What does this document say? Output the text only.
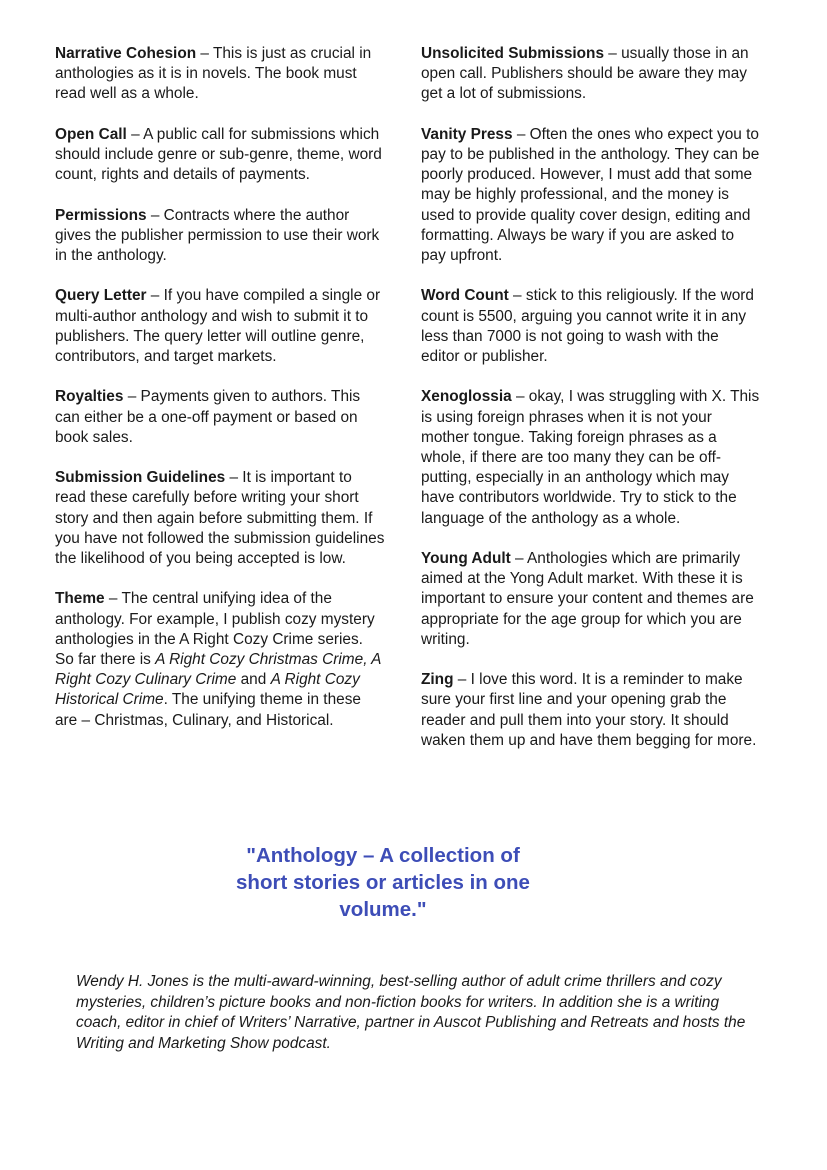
Narrative Cohesion – This is just as crucial in anthologies as it is in novels. The book must read well as a whole.

Open Call – A public call for submissions which should include genre or sub-genre, theme, word count, rights and details of payments.

Permissions – Contracts where the author gives the publisher permission to use their work in the anthology.

Query Letter – If you have compiled a single or multi-author anthology and wish to submit it to publishers. The query letter will outline genre, contributors, and target markets.

Royalties – Payments given to authors. This can either be a one-off payment or based on book sales.

Submission Guidelines – It is important to read these carefully before writing your short story and then again before submitting them. If you have not followed the submission guidelines the likelihood of you being accepted is low.

Theme – The central unifying idea of the anthology. For example, I publish cozy mystery anthologies in the A Right Cozy Crime series. So far there is A Right Cozy Christmas Crime, A Right Cozy Culinary Crime and A Right Cozy Historical Crime. The unifying theme in these are – Christmas, Culinary, and Historical.

Unsolicited Submissions – usually those in an open call. Publishers should be aware they may get a lot of submissions.

Vanity Press – Often the ones who expect you to pay to be published in the anthology. They can be poorly produced. However, I must add that some may be highly professional, and the money is used to provide quality cover design, editing and formatting. Always be wary if you are asked to pay upfront.

Word Count – stick to this religiously. If the word count is 5500, arguing you cannot write it in any less than 7000 is not going to wash with the editor or publisher.

Xenoglossia – okay, I was struggling with X. This is using foreign phrases when it is not your mother tongue. Taking foreign phrases as a whole, if there are too many they can be off-putting, especially in an anthology which may have contributors worldwide. Try to stick to the language of the anthology as a whole.

Young Adult – Anthologies which are primarily aimed at the Yong Adult market. With these it is important to ensure your content and themes are appropriate for the age group for which you are writing.

Zing – I love this word. It is a reminder to make sure your first line and your opening grab the reader and pull them into your story. It should waken them up and have them begging for more.

"Anthology – A collection of short stories or articles in one volume."
Wendy H. Jones is the multi-award-winning, best-selling author of adult crime thrillers and cozy mysteries, children’s picture books and non-fiction books for writers. In addition she is a writing coach, editor in chief of Writers’ Narrative, partner in Auscot Publishing and Retreats and hosts the Writing and Marketing Show podcast.
